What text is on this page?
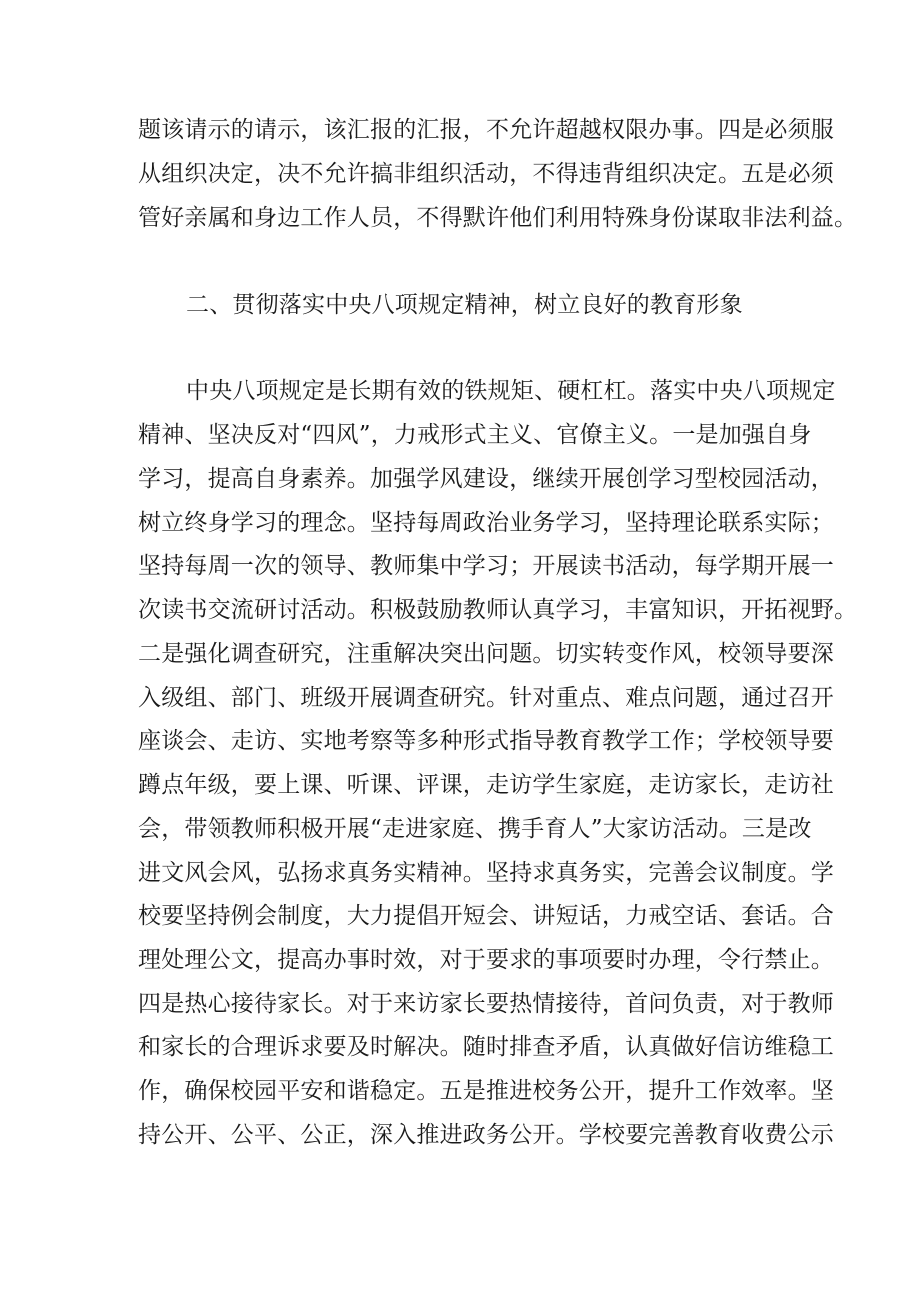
题该请示的请示，该汇报的汇报，不允许超越权限办事。四是必须服
从组织决定，决不允许搞非组织活动，不得违背组织决定。五是必须
管好亲属和身边工作人员，不得默许他们利用特殊身份谋取非法利益。
二、贯彻落实中央八项规定精神，树立良好的教育形象
中央八项规定是长期有效的铁规矩、硬杠杠。落实中央八项规定
精神、坚决反对“四风”，力戒形式主义、官僚主义。一是加强自身
学习，提高自身素养。加强学风建设，继续开展创学习型校园活动，
树立终身学习的理念。坚持每周政治业务学习，坚持理论联系实际；
坚持每周一次的领导、教师集中学习；开展读书活动，每学期开展一
次读书交流研讨活动。积极鼓励教师认真学习，丰富知识，开拓视野。
二是强化调查研究，注重解决突出问题。切实转变作风，校领导要深
入级组、部门、班级开展调查研究。针对重点、难点问题，通过召开
座谈会、走访、实地考察等多种形式指导教育教学工作；学校领导要
蹲点年级，要上课、听课、评课，走访学生家庭，走访家长，走访社
会，带领教师积极开展“走进家庭、携手育人”大家访活动。三是改
进文风会风，弘扬求真务实精神。坚持求真务实，完善会议制度。学
校要坚持例会制度，大力提倡开短会、讲短话，力戒空话、套话。合
理处理公文，提高办事时效，对于要求的事项要时办理，令行禁止。
四是热心接待家长。对于来访家长要热情接待，首问负责，对于教师
和家长的合理诉求要及时解决。随时排查矛盾，认真做好信访维稳工
作，确保校园平安和谐稳定。五是推进校务公开，提升工作效率。坚
持公开、公平、公正，深入推进政务公开。学校要完善教育收费公示
